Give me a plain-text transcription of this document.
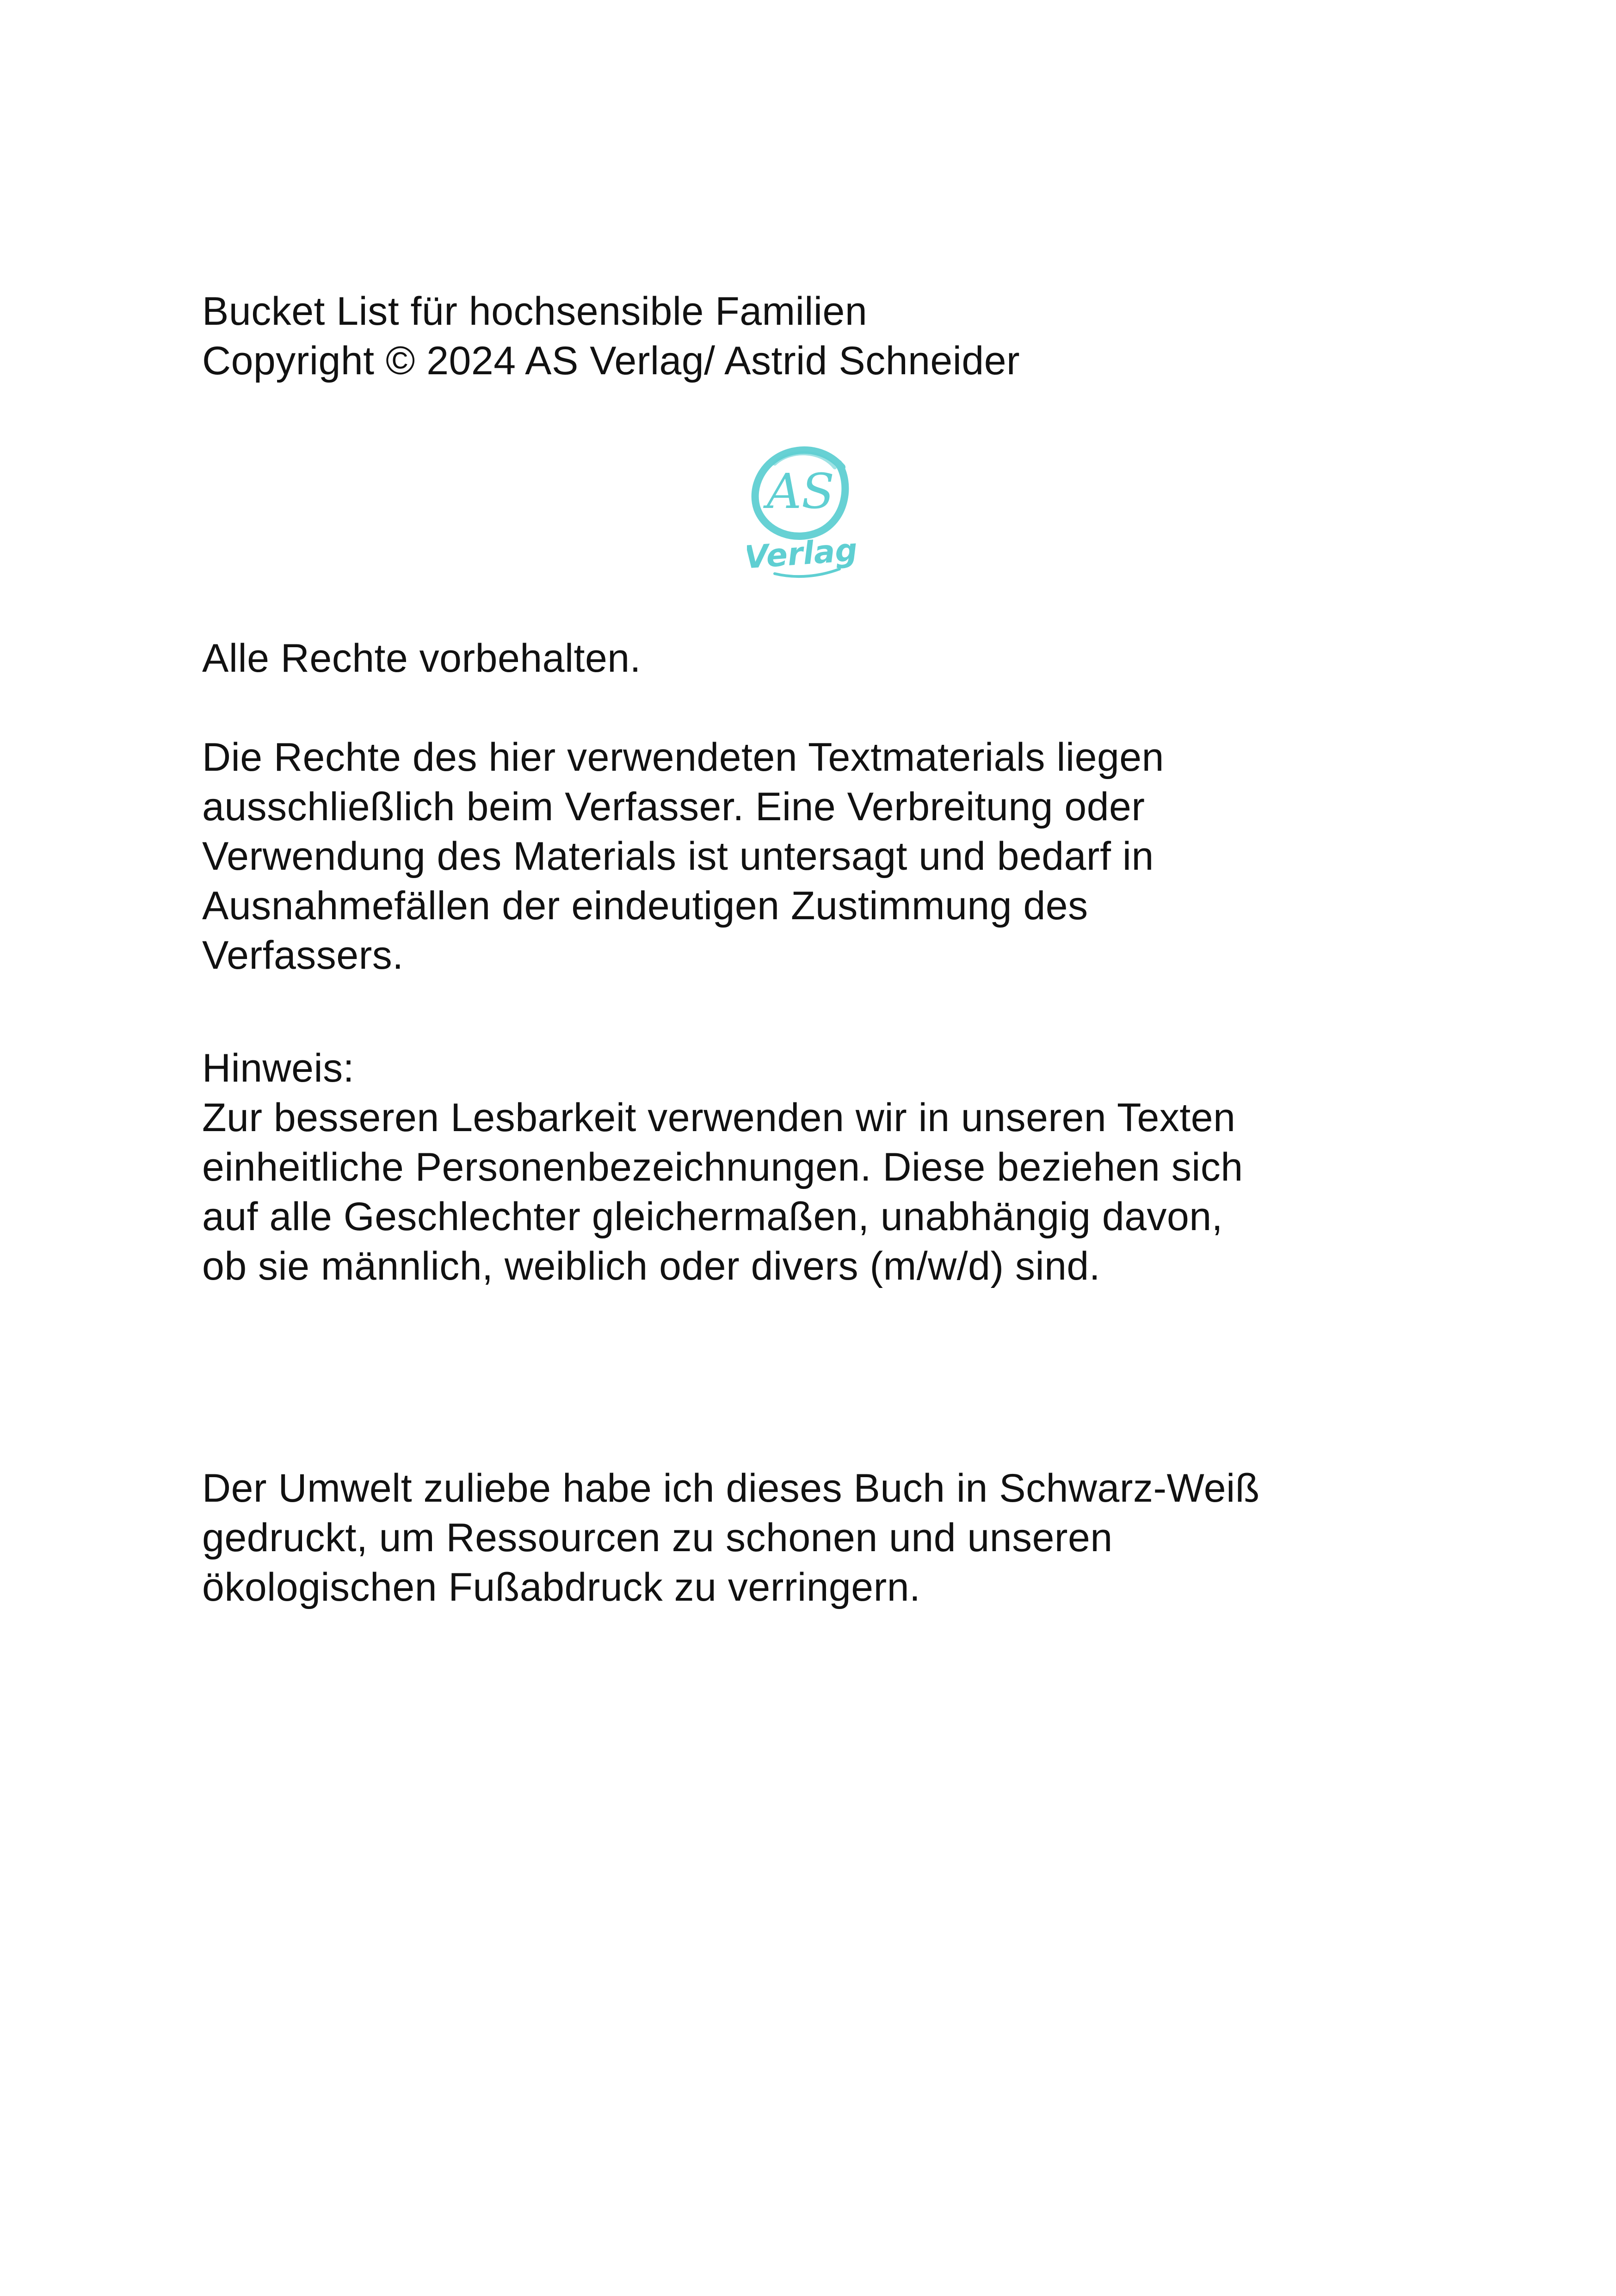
Bucket List für hochsensible Familien
Copyright © 2024 AS Verlag/ Astrid Schneider
AS
Verlag
Alle Rechte vorbehalten.
Die Rechte des hier verwendeten Textmaterials liegen
ausschließlich beim Verfasser. Eine Verbreitung oder
Verwendung des Materials ist untersagt und bedarf in
Ausnahmefällen der eindeutigen Zustimmung des
Verfassers.
Hinweis:
Zur besseren Lesbarkeit verwenden wir in unseren Texten
einheitliche Personenbezeichnungen. Diese beziehen sich
auf alle Geschlechter gleichermaßen, unabhängig davon,
ob sie männlich, weiblich oder divers (m/w/d) sind.
Der Umwelt zuliebe habe ich dieses Buch in Schwarz-Weiß
gedruckt, um Ressourcen zu schonen und unseren
ökologischen Fußabdruck zu verringern.
